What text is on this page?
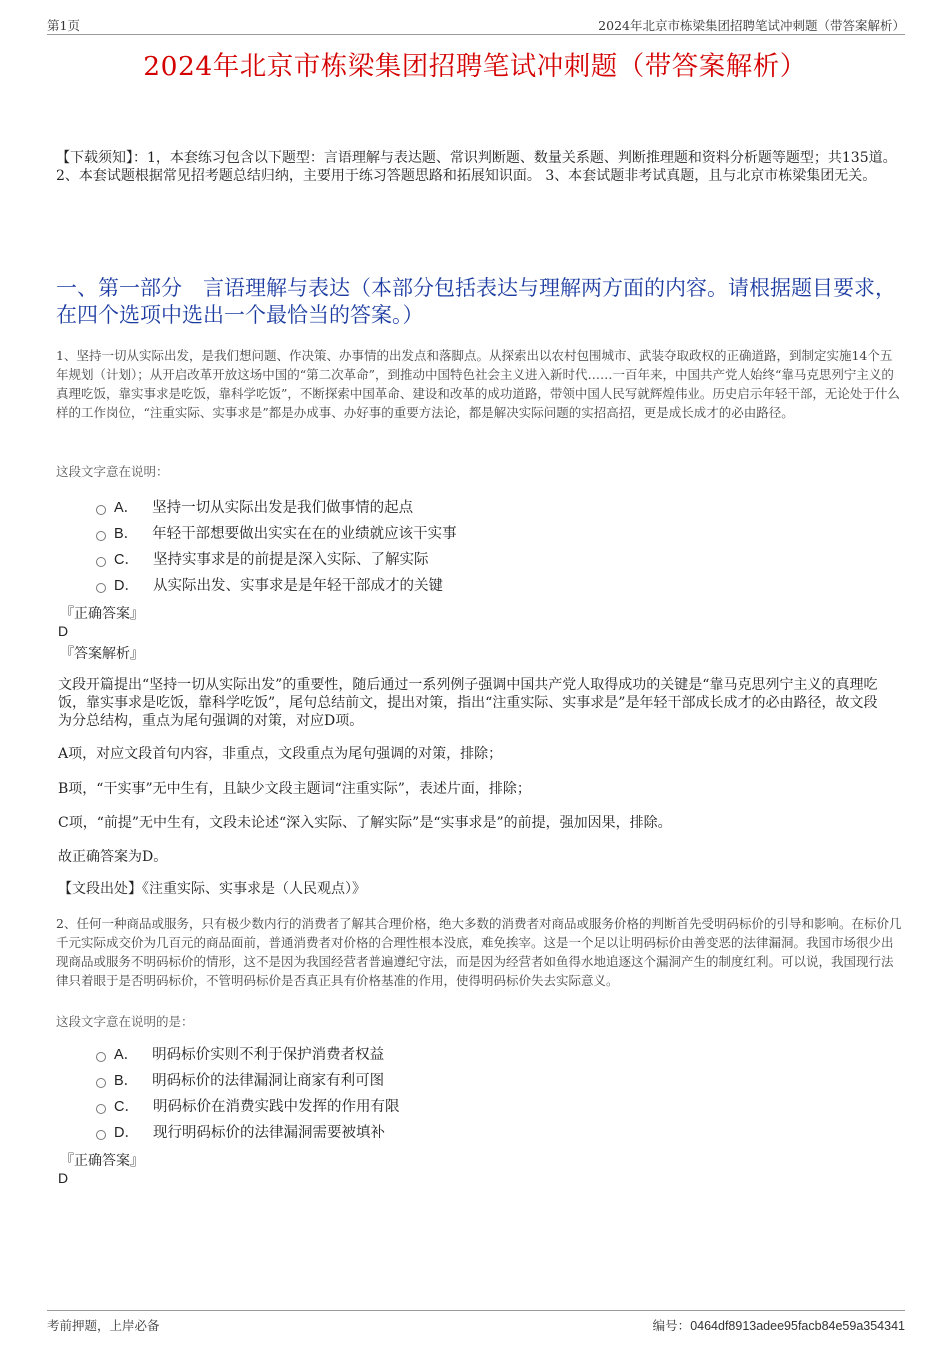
第1页	2024年北京市栋梁集团招聘笔试冲刺题（带答案解析）
2024年北京市栋梁集团招聘笔试冲刺题（带答案解析）
【下载须知】：1，本套练习包含以下题型：言语理解与表达题、常识判断题、数量关系题、判断推理题和资料分析题等题型；共135道。 2、本套试题根据常见招考题总结归纳，主要用于练习答题思路和拓展知识面。 3、本套试题非考试真题，且与北京市栋梁集团无关。
一、第一部分　言语理解与表达（本部分包括表达与理解两方面的内容。请根据题目要求，在四个选项中选出一个最恰当的答案。）
1、坚持一切从实际出发，是我们想问题、作决策、办事情的出发点和落脚点。从探索出以农村包围城市、武装夺取政权的正确道路，到制定实施14个五年规划（计划）；从开启改革开放这场中国的“第二次革命”，到推动中国特色社会主义进入新时代……一百年来，中国共产党人始终“靠马克思列宁主义的真理吃饭，靠实事求是吃饭，靠科学吃饭”，不断探索中国革命、建设和改革的成功道路，带领中国人民写就辉煌伟业。历史启示年轻干部，无论处于什么样的工作岗位，“注重实际、实事求是”都是办成事、办好事的重要方法论，都是解决实际问题的实招高招，更是成长成才的必由路径。
这段文字意在说明：
A． 坚持一切从实际出发是我们做事情的起点
B． 年轻干部想要做出实实在在的业绩就应该干实事
C． 坚持实事求是的前提是深入实际、了解实际
D． 从实际出发、实事求是是年轻干部成才的关键
『正确答案』
D
『答案解析』
文段开篇提出“坚持一切从实际出发”的重要性，随后通过一系列例子强调中国共产党人取得成功的关键是“靠马克思列宁主义的真理吃饭，靠实事求是吃饭，靠科学吃饭”，尾句总结前文，提出对策，指出“注重实际、实事求是”是年轻干部成长成才的必由路径，故文段为分总结构，重点为尾句强调的对策，对应D项。
A项，对应文段首句内容，非重点，文段重点为尾句强调的对策，排除；
B项，“干实事”无中生有，且缺少文段主题词“注重实际”，表述片面，排除；
C项，“前提”无中生有，文段未论述“深入实际、了解实际”是“实事求是”的前提，强加因果，排除。
故正确答案为D。
【文段出处】《注重实际、实事求是（人民观点）》
2、任何一种商品或服务，只有极少数内行的消费者了解其合理价格，绝大多数的消费者对商品或服务价格的判断首先受明码标价的引导和影响。在标价几千元实际成交价为几百元的商品面前，普通消费者对价格的合理性根本没底，难免挨宰。这是一个足以让明码标价由善变恶的法律漏洞。我国市场很少出现商品或服务不明码标价的情形，这不是因为我国经营者普遍遵纪守法，而是因为经营者如鱼得水地追逐这个漏洞产生的制度红利。可以说，我国现行法律只着眼于是否明码标价，不管明码标价是否真正具有价格基准的作用，使得明码标价失去实际意义。
这段文字意在说明的是：
A． 明码标价实则不利于保护消费者权益
B． 明码标价的法律漏洞让商家有利可图
C． 明码标价在消费实践中发挥的作用有限
D． 现行明码标价的法律漏洞需要被填补
『正确答案』
D
考前押题，上岸必备	编号：0464df8913adee95facb84e59a354341
